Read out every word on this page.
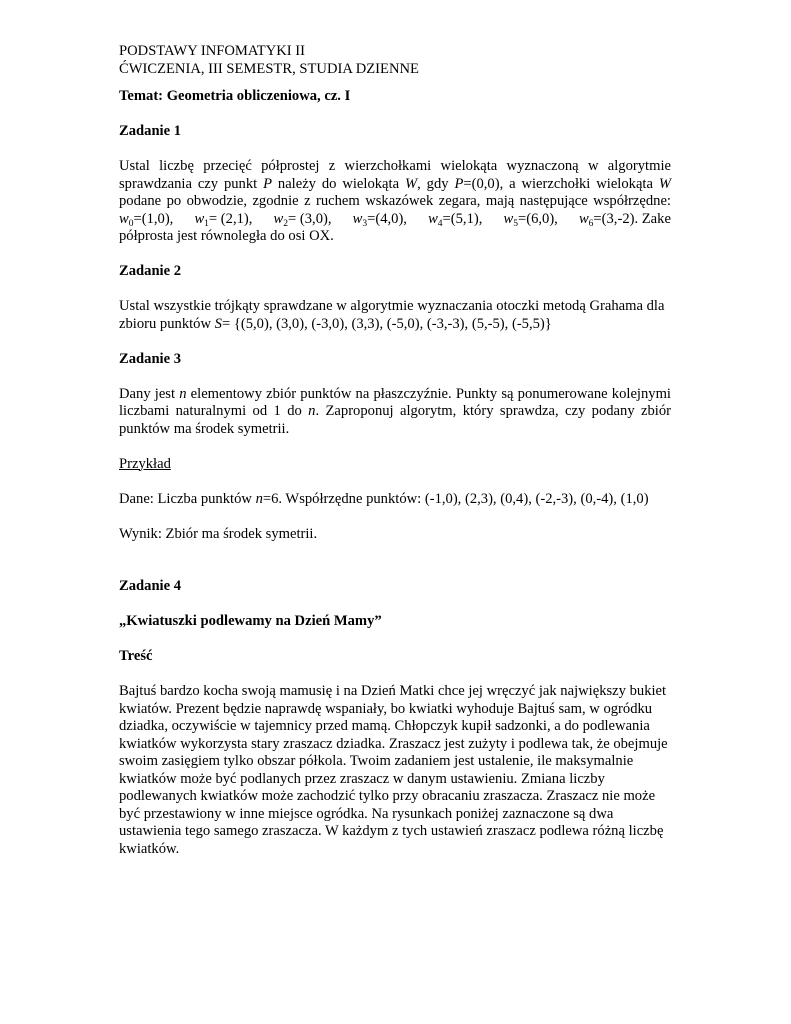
PODSTAWY INFOMATYKI II

ĆWICZENIA, III SEMESTR, STUDIA DZIENNE

Temat: Geometria obliczeniowa, cz. I

Zadanie 1

Ustal liczbę przecięć półprostej z wierzchołkami wielokąta wyznaczoną w algorytmie

sprawdzania czy punkt P należy do wielokąta W, gdy P=(0,0), a wierzchołki wielokąta W

podane po obwodzie, zgodnie z ruchem wskazówek zegara, mają następujące współrzędne:

$w_0=(1,0)$, $w_1= (2,1)$, $w_2= (3,0)$, $w_3=(4,0)$, $w_4=(5,1)$, $w_5=(6,0)$, $w_6=(3,-2)$. Zake

półprosta jest równoległa do osi OX.

Zadanie 2

Ustal wszystkie trójkąty sprawdzane w algorytmie wyznaczania otoczki metodą Grahama dla

zbioru punktów S= {(5,0), (3,0), (-3,0), (3,3), (-5,0), (-3,-3), (5,-5), (-5,5)}

Zadanie 3

Dany jest n elementowy zbiór punktów na płaszczyźnie. Punkty są ponumerowane kolejnymi

liczbami naturalnymi od 1 do n. Zaproponuj algorytm, który sprawdza, czy podany zbiór

punktów ma środek symetrii.

Przykład

Dane: Liczba punktów n=6. Współrzędne punktów: (-1,0), (2,3), (0,4), (-2,-3), (0,-4), (1,0)

Wynik: Zbiór ma środek symetrii.

Zadanie 4

„Kwiatuszki podlewamy na Dzień Mamy”

Treść

Bajtuś bardzo kocha swoją mamusię i na Dzień Matki chce jej wręczyć jak największy bukiet

kwiatów. Prezent będzie naprawdę wspaniały, bo kwiatki wyhoduje Bajtuś sam, w ogródku

dziadka, oczywiście w tajemnicy przed mamą. Chłopczyk kupił sadzonki, a do podlewania

kwiatków wykorzysta stary zraszacz dziadka. Zraszacz jest zużyty i podlewa tak, że obejmuje

swoim zasięgiem tylko obszar półkola. Twoim zadaniem jest ustalenie, ile maksymalnie

kwiatków może być podlanych przez zraszacz w danym ustawieniu. Zmiana liczby

podlewanych kwiatków może zachodzić tylko przy obracaniu zraszacza. Zraszacz nie może

być przestawiony w inne miejsce ogródka. Na rysunkach poniżej zaznaczone są dwa

ustawienia tego samego zraszacza. W każdym z tych ustawień zraszacz podlewa różną liczbę

kwiatków.
